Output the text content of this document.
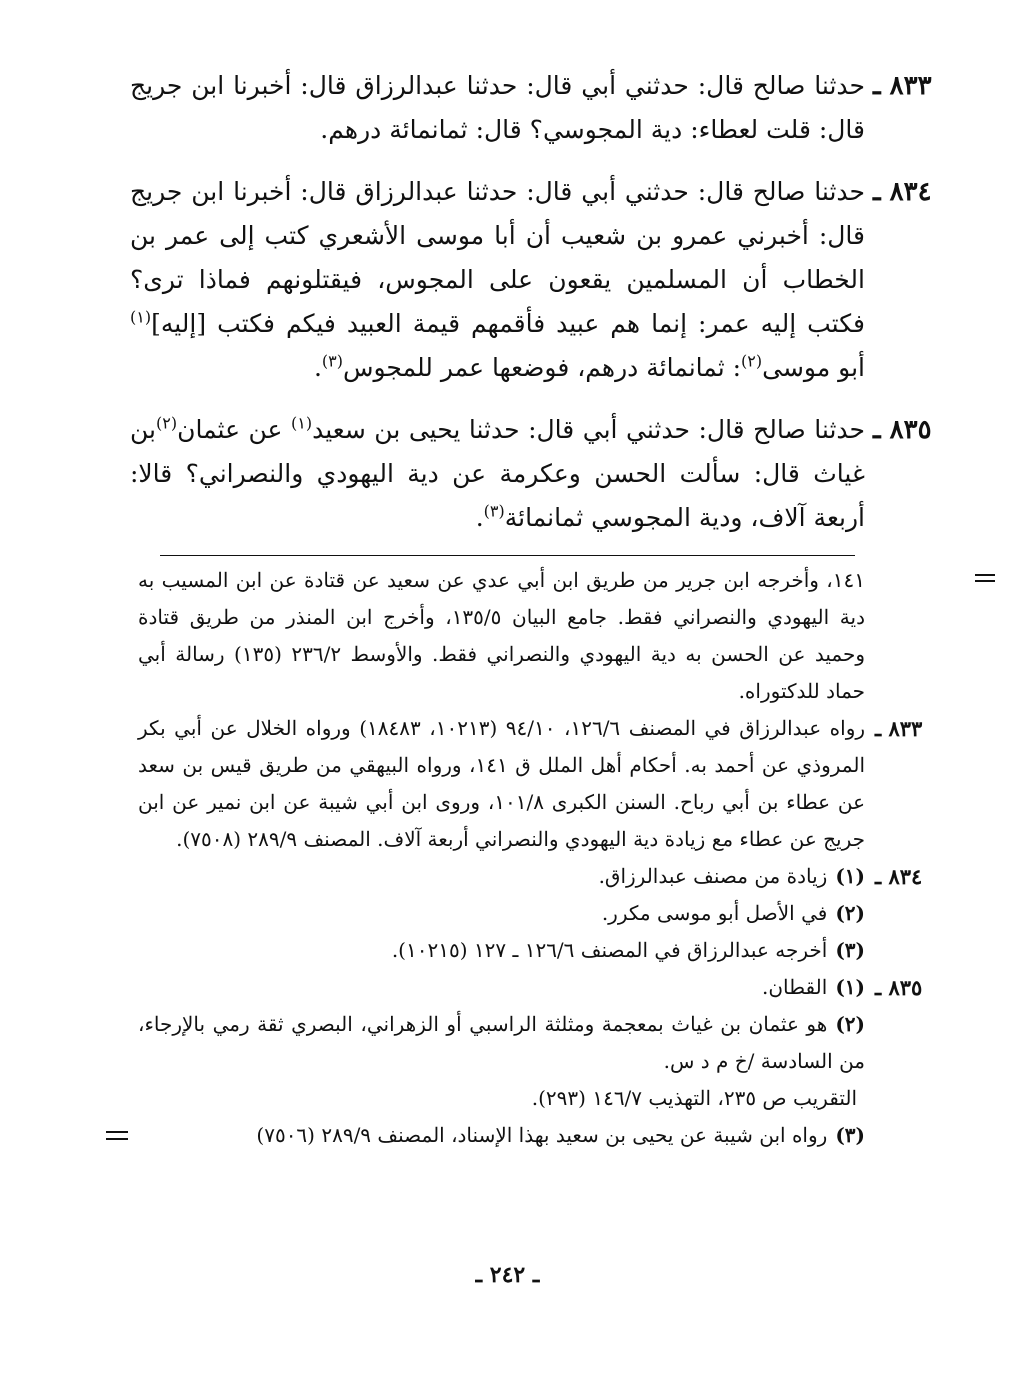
٨٣٣ ـ
حدثنا صالح قال: حدثني أبي قال: حدثنا عبدالرزاق قال: أخبرنا ابن جريج قال: قلت لعطاء: دية المجوسي؟ قال: ثمانمائة درهم.
٨٣٤ ـ
حدثنا صالح قال: حدثني أبي قال: حدثنا عبدالرزاق قال: أخبرنا ابن جريج قال: أخبرني عمرو بن شعيب أن أبا موسى الأشعري كتب إلى عمر بن الخطاب أن المسلمين يقعون على المجوس، فيقتلونهم فماذا ترى؟ فكتب إليه عمر: إنما هم عبيد فأقمهم قيمة العبيد فيكم فكتب [إليه]$^{(١)}$ أبو موسى$^{(٢)}$: ثمانمائة درهم، فوضعها عمر للمجوس$^{(٣)}$.
٨٣٥ ـ
حدثنا صالح قال: حدثني أبي قال: حدثنا يحيى بن سعيد$^{(١)}$ عن عثمان$^{(٢)}$بن غياث قال: سألت الحسن وعكرمة عن دية اليهودي والنصراني؟ قالا: أربعة آلاف، ودية المجوسي ثمانمائة$^{(٣)}$.
١٤١، وأخرجه ابن جرير من طريق ابن أبي عدي عن سعيد عن قتادة عن ابن المسيب به دية اليهودي والنصراني فقط. جامع البيان ١٣٥/٥، وأخرج ابن المنذر من طريق قتادة وحميد عن الحسن به دية اليهودي والنصراني فقط. والأوسط ٢٣٦/٢ (١٣٥) رسالة أبي حماد للدكتوراه.
٨٣٣ ـ
رواه عبدالرزاق في المصنف ١٢٦/٦، ٩٤/١٠ (١٠٢١٣، ١٨٤٨٣) ورواه الخلال عن أبي بكر المروذي عن أحمد به. أحكام أهل الملل ق ١٤١، ورواه البيهقي من طريق قيس بن سعد عن عطاء بن أبي رباح. السنن الكبرى ١٠١/٨، وروى ابن أبي شيبة عن ابن نمير عن ابن جريج عن عطاء مع زيادة دية اليهودي والنصراني أربعة آلاف. المصنف ٢٨٩/٩ (٧٥٠٨).
٨٣٤ ـ
(١)زيادة من مصنف عبدالرزاق.
(٢)في الأصل أبو موسى مكرر.
(٣)أخرجه عبدالرزاق في المصنف ١٢٦/٦ ـ ١٢٧ (١٠٢١٥).
٨٣٥ ـ
(١)القطان.
(٢)هو عثمان بن غياث بمعجمة ومثلثة الراسبي أو الزهراني، البصري ثقة رمي بالإرجاء، من السادسة /خ م د س.
التقريب ص ٢٣٥، التهذيب ١٤٦/٧ (٢٩٣).
(٣)رواه ابن شيبة عن يحيى بن سعيد بهذا الإسناد، المصنف ٢٨٩/٩ (٧٥٠٦)
ـ ٢٤٢ ـ
